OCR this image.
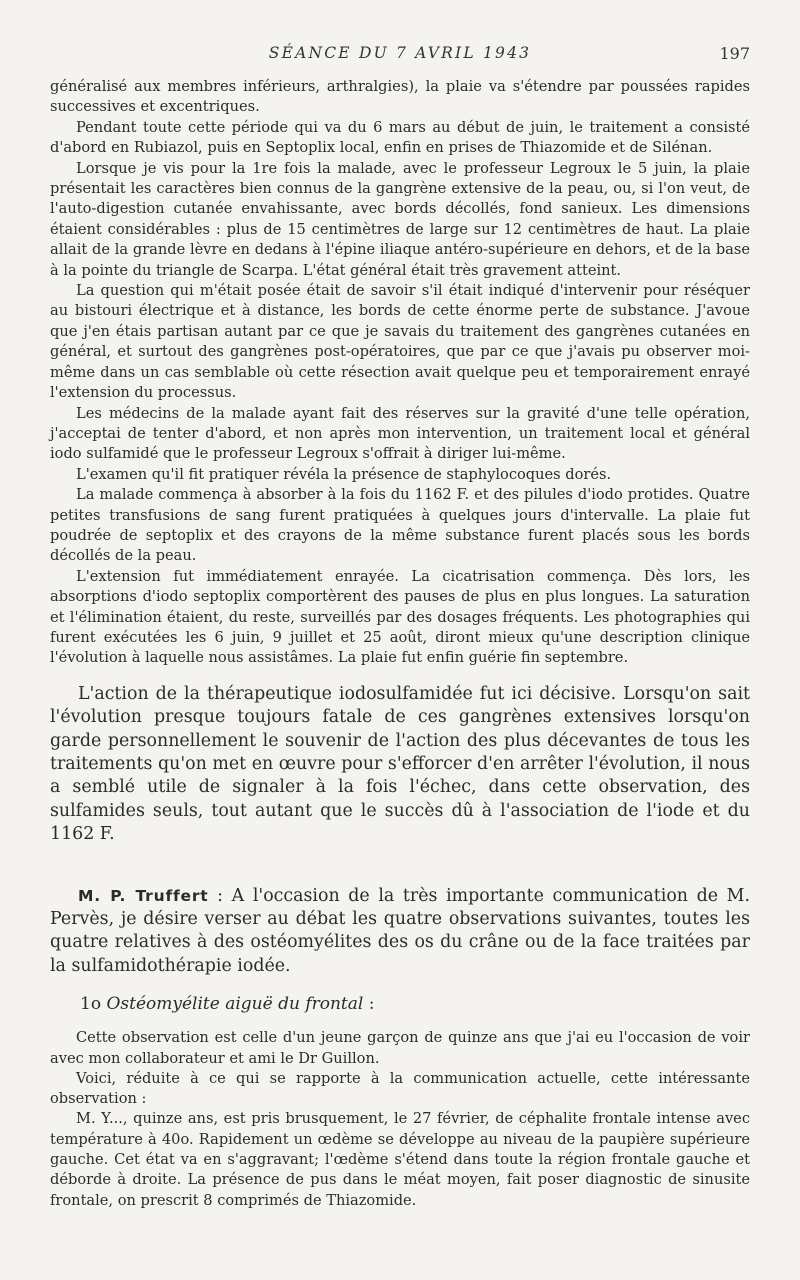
SÉANCE DU 7 AVRIL 1943	197

généralisé aux membres inférieurs, arthralgies), la plaie va s'étendre par poussées rapides successives et excentriques.

Pendant toute cette période qui va du 6 mars au début de juin, le traitement a consisté d'abord en Rubiazol, puis en Septoplix local, enfin en prises de Thiazomide et de Silénan.

Lorsque je vis pour la 1re fois la malade, avec le professeur Legroux le 5 juin, la plaie présentait les caractères bien connus de la gangrène extensive de la peau, ou, si l'on veut, de l'auto-digestion cutanée envahissante, avec bords décollés, fond sanieux. Les dimensions étaient considérables : plus de 15 centimètres de large sur 12 centimètres de haut. La plaie allait de la grande lèvre en dedans à l'épine iliaque antéro-supérieure en dehors, et de la base à la pointe du triangle de Scarpa. L'état général était très gravement atteint.

La question qui m'était posée était de savoir s'il était indiqué d'intervenir pour réséquer au bistouri électrique et à distance, les bords de cette énorme perte de substance. J'avoue que j'en étais partisan autant par ce que je savais du traitement des gangrènes cutanées en général, et surtout des gangrènes post-opératoires, que par ce que j'avais pu observer moi-même dans un cas semblable où cette résection avait quelque peu et temporairement enrayé l'extension du processus.

Les médecins de la malade ayant fait des réserves sur la gravité d'une telle opération, j'acceptai de tenter d'abord, et non après mon intervention, un traitement local et général iodo sulfamidé que le professeur Legroux s'offrait à diriger lui-même.

L'examen qu'il fit pratiquer révéla la présence de staphylocoques dorés.

La malade commença à absorber à la fois du 1162 F. et des pilules d'iodo protides. Quatre petites transfusions de sang furent pratiquées à quelques jours d'intervalle. La plaie fut poudrée de septoplix et des crayons de la même substance furent placés sous les bords décollés de la peau.

L'extension fut immédiatement enrayée. La cicatrisation commença. Dès lors, les absorptions d'iodo septoplix comportèrent des pauses de plus en plus longues. La saturation et l'élimination étaient, du reste, surveillés par des dosages fréquents. Les photographies qui furent exécutées les 6 juin, 9 juillet et 25 août, diront mieux qu'une description clinique l'évolution à laquelle nous assistâmes. La plaie fut enfin guérie fin septembre.

L'action de la thérapeutique iodosulfamidée fut ici décisive. Lorsqu'on sait l'évolution presque toujours fatale de ces gangrènes extensives lorsqu'on garde personnellement le souvenir de l'action des plus décevantes de tous les traitements qu'on met en œuvre pour s'efforcer d'en arrêter l'évolution, il nous a semblé utile de signaler à la fois l'échec, dans cette observation, des sulfamides seuls, tout autant que le succès dû à l'association de l'iode et du 1162 F.

M. P. Truffert : A l'occasion de la très importante communication de M. Pervès, je désire verser au débat les quatre observations suivantes, toutes les quatre relatives à des ostéomyélites des os du crâne ou de la face traitées par la sulfamidothérapie iodée.

1o Ostéomyélite aiguë du frontal :

Cette observation est celle d'un jeune garçon de quinze ans que j'ai eu l'occasion de voir avec mon collaborateur et ami le Dr Guillon.

Voici, réduite à ce qui se rapporte à la communication actuelle, cette intéressante observation :

M. Y..., quinze ans, est pris brusquement, le 27 février, de céphalite frontale intense avec température à 40o. Rapidement un œdème se développe au niveau de la paupière supérieure gauche. Cet état va en s'aggravant; l'œdème s'étend dans toute la région frontale gauche et déborde à droite. La présence de pus dans le méat moyen, fait poser diagnostic de sinusite frontale, on prescrit 8 comprimés de Thiazomide.
